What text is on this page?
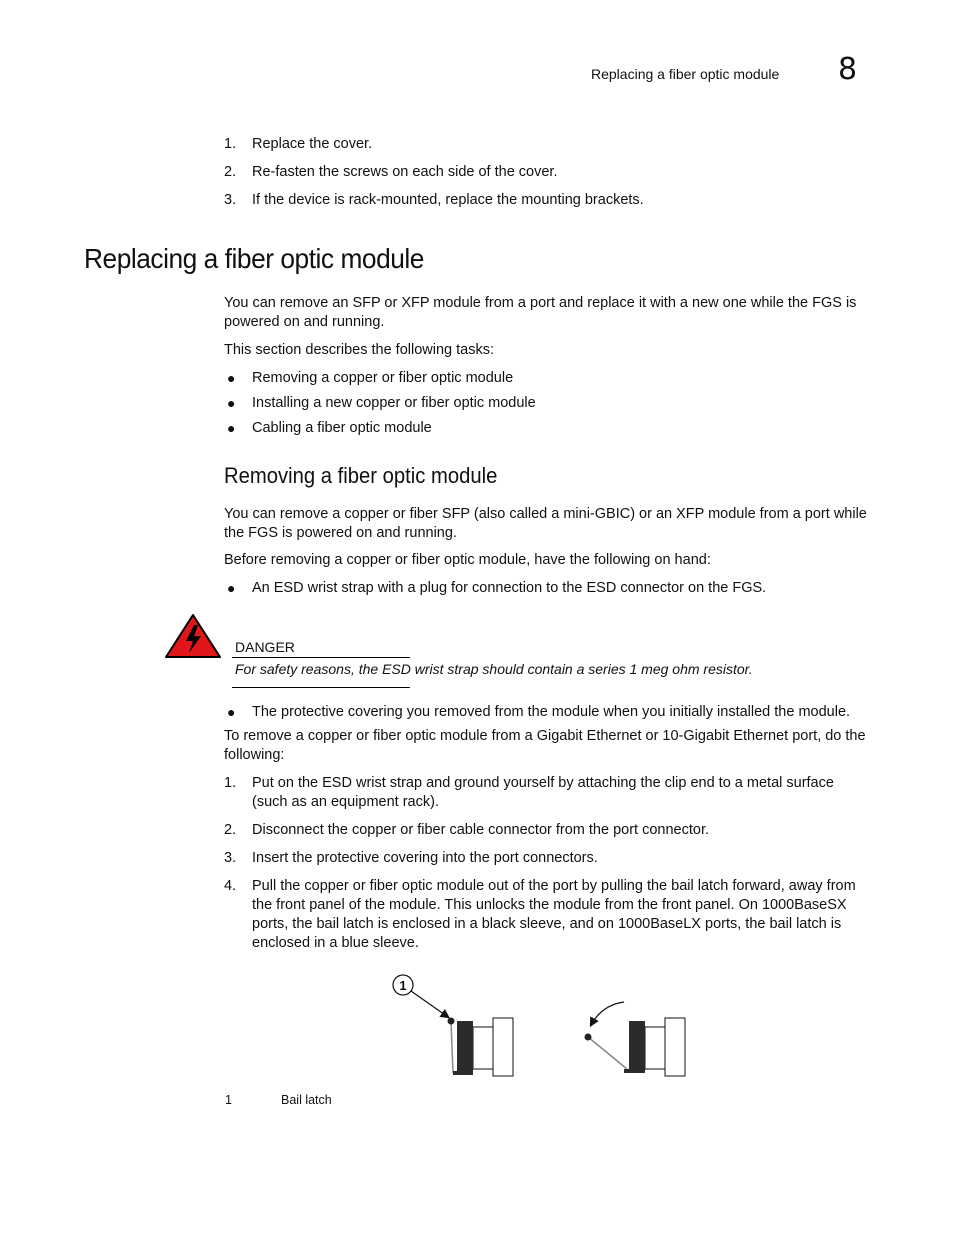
Replacing a fiber optic module 8
1. Replace the cover.
2. Re-fasten the screws on each side of the cover.
3. If the device is rack-mounted, replace the mounting brackets.
Replacing a fiber optic module
You can remove an SFP or XFP module from a port and replace it with a new one while the FGS is powered on and running.
This section describes the following tasks:
● Removing a copper or fiber optic module
● Installing a new copper or fiber optic module
● Cabling a fiber optic module
Removing a fiber optic module
You can remove a copper or fiber SFP (also called a mini-GBIC) or an XFP module from a port while the FGS is powered on and running.
Before removing a copper or fiber optic module, have the following on hand:
● An ESD wrist strap with a plug for connection to the ESD connector on the FGS.
DANGER
For safety reasons, the ESD wrist strap should contain a series 1 meg ohm resistor.
● The protective covering you removed from the module when you initially installed the module.
To remove a copper or fiber optic module from a Gigabit Ethernet or 10-Gigabit Ethernet port, do the following:
1. Put on the ESD wrist strap and ground yourself by attaching the clip end to a metal surface (such as an equipment rack).
2. Disconnect the copper or fiber cable connector from the port connector.
3. Insert the protective covering into the port connectors.
4. Pull the copper or fiber optic module out of the port by pulling the bail latch forward, away from the front panel of the module. This unlocks the module from the front panel. On 1000BaseSX ports, the bail latch is enclosed in a black sleeve, and on 1000BaseLX ports, the bail latch is enclosed in a blue sleeve.
1
1	Bail latch
